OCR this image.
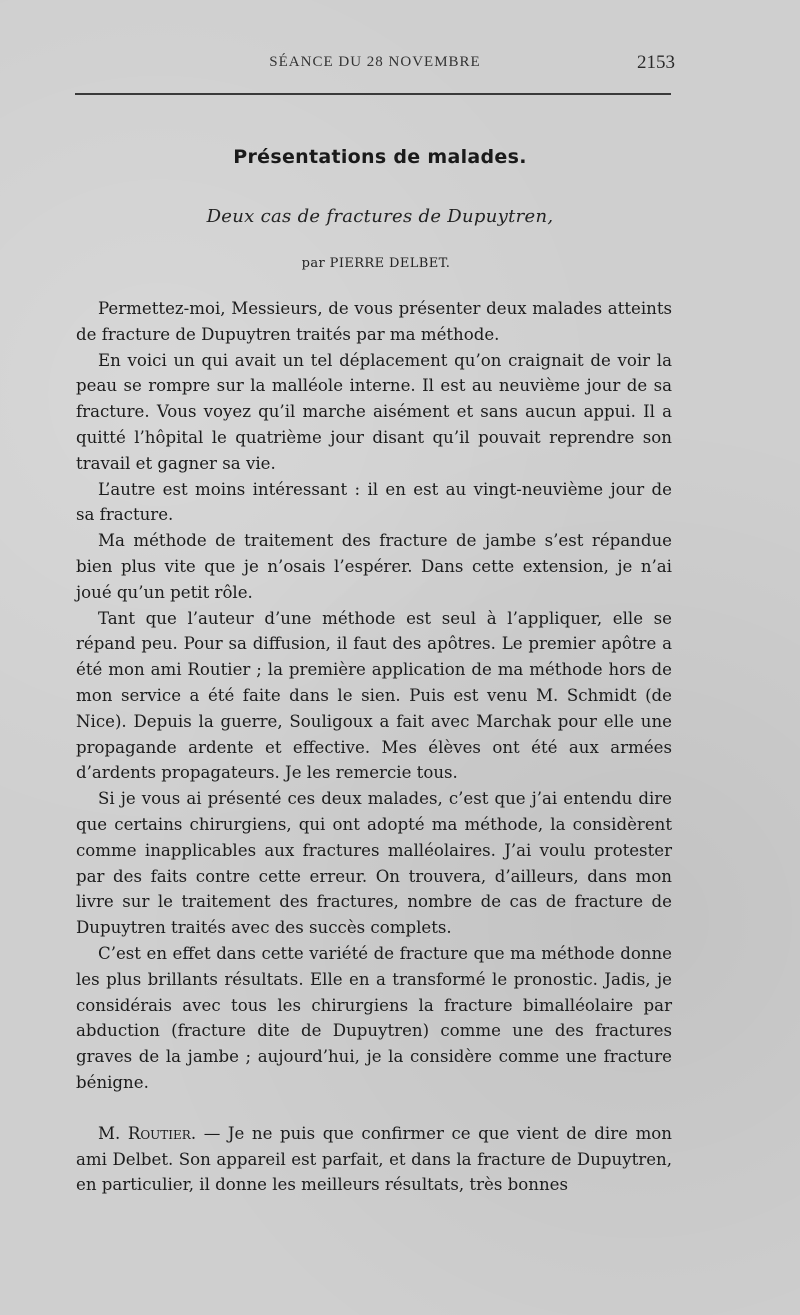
SÉANCE DU 28 NOVEMBRE	2153
Présentations de malades.
Deux cas de fractures de Dupuytren,
par PIERRE DELBET.

Permettez-moi, Messieurs, de vous présenter deux malades atteints de fracture de Dupuytren traités par ma méthode.

En voici un qui avait un tel déplacement qu’on craignait de voir la peau se rompre sur la malléole interne. Il est au neuvième jour de sa fracture. Vous voyez qu’il marche aisément et sans aucun appui. Il a quitté l’hôpital le quatrième jour disant qu’il pouvait reprendre son travail et gagner sa vie.

L’autre est moins intéressant : il en est au vingt-neuvième jour de sa fracture.

Ma méthode de traitement des fracture de jambe s’est répandue bien plus vite que je n’osais l’espérer. Dans cette extension, je n’ai joué qu’un petit rôle.

Tant que l’auteur d’une méthode est seul à l’appliquer, elle se répand peu. Pour sa diffusion, il faut des apôtres. Le premier apôtre a été mon ami Routier ; la première application de ma méthode hors de mon service a été faite dans le sien. Puis est venu M. Schmidt (de Nice). Depuis la guerre, Souligoux a fait avec Marchak pour elle une propagande ardente et effective. Mes élèves ont été aux armées d’ardents propagateurs. Je les remercie tous.

Si je vous ai présenté ces deux malades, c’est que j’ai entendu dire que certains chirurgiens, qui ont adopté ma méthode, la considèrent comme inapplicables aux fractures malléolaires. J’ai voulu protester par des faits contre cette erreur. On trouvera, d’ailleurs, dans mon livre sur le traitement des fractures, nombre de cas de fracture de Dupuytren traités avec des succès complets.

C’est en effet dans cette variété de fracture que ma méthode donne les plus brillants résultats. Elle en a transformé le pronostic. Jadis, je considérais avec tous les chirurgiens la fracture bimalléolaire par abduction (fracture dite de Dupuytren) comme une des fractures graves de la jambe ; aujourd’hui, je la considère comme une fracture bénigne.

M. Routier. — Je ne puis que confirmer ce que vient de dire mon ami Delbet. Son appareil est parfait, et dans la fracture de Dupuytren, en particulier, il donne les meilleurs résultats, très bonnes
